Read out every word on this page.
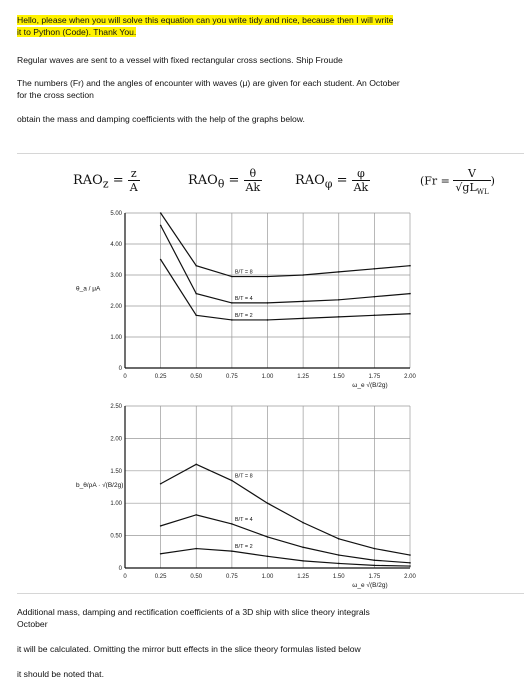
Hello, please when you will solve this equation can you write tidy and nice, because then I will write
it to Python (Code). Thank You.
Regular waves are sent to a vessel with fixed rectangular cross sections. Ship Froude
The numbers (Fr) and the angles of encounter with waves (μ) are given for each student. An October
for the cross section
obtain the mass and damping coefficients with the help of the graphs below.
$RAO_z = \frac{z}{A}$	$RAO_\theta = \frac{\theta}{Ak}$	$RAO_\varphi = \frac{\varphi}{Ak}$	($Fr = \frac{V}{√gL_{WL}}$ )
0	0.25	0.50	0.75	1.00	1.25	1.50	1.75	2.00
0
1.00
2.00
3.00
4.00
5.00
θ_a / μA
ω_e √(B/2g)
B/T = 8
B/T = 4
B/T = 2
0	0.25	0.50	0.75	1.00	1.25	1.50	1.75	2.00
0
0.50
1.00
1.50
2.00
2.50
b_θ/ρA · √(B/2g)
ω_e √(B/2g)
B/T = 8
B/T = 4
B/T = 2
Additional mass, damping and rectification coefficients of a 3D ship with slice theory integrals
October
it will be calculated. Omitting the mirror butt effects in the slice theory formulas listed below
it should be noted that.
